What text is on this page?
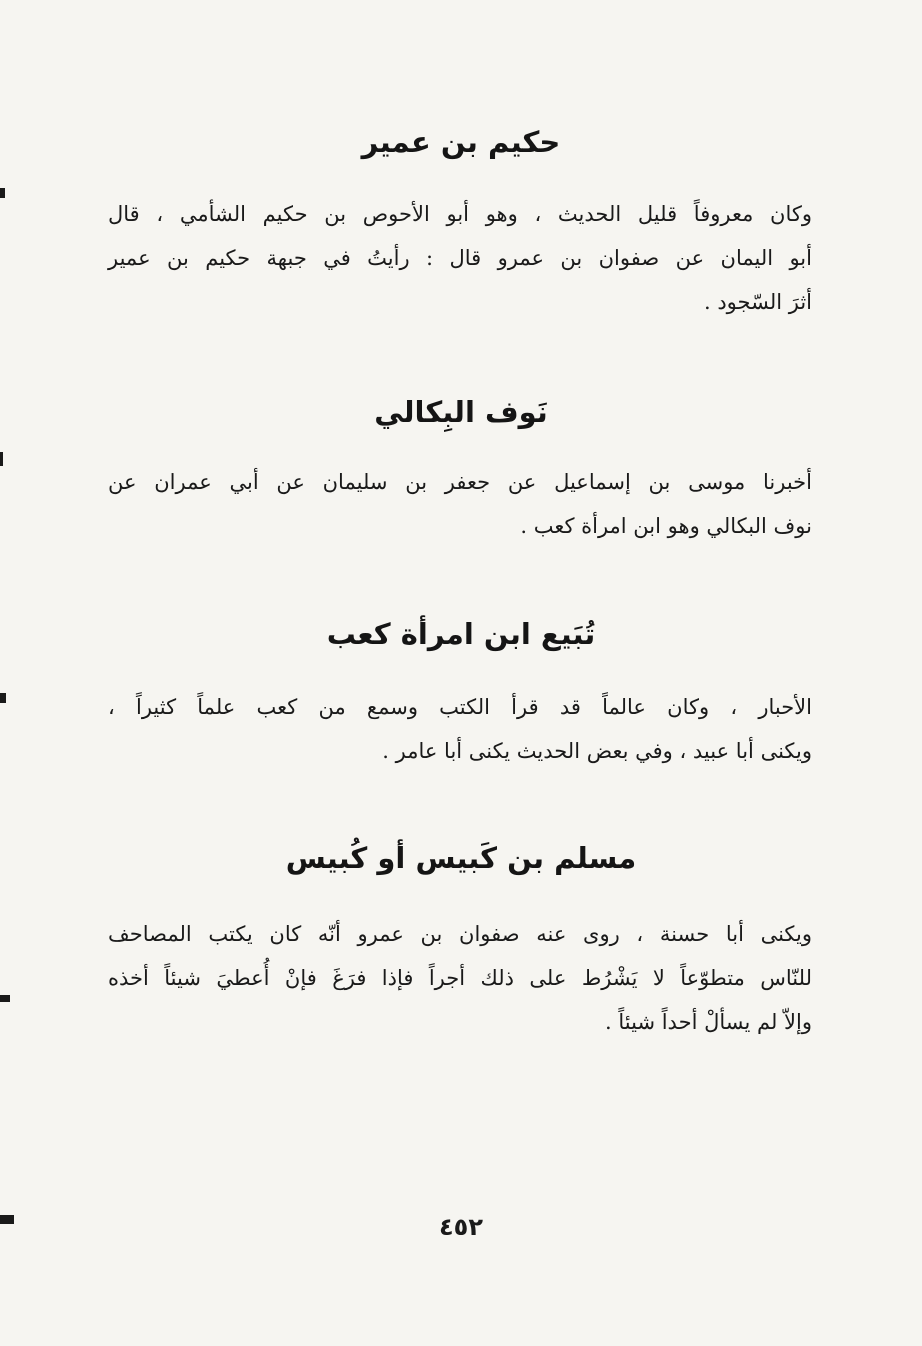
حكيم بن عمير

وكان معروفاً قليل الحديث ، وهو أبو الأحوص بن حكيم الشأمي ، قال
أبو اليمان عن صفوان بن عمرو قال : رأيتُ في جبهة حكيم بن عمير
أثرَ السّجود .

نَوف البِكالي

أخبرنا موسى بن إسماعيل عن جعفر بن سليمان عن أبي عمران عن
نوف البكالي وهو ابن امرأة كعب .

تُبَيع ابن امرأة كعب

الأحبار ، وكان عالماً قد قرأ الكتب وسمع من كعب علماً كثيراً ،
ويكنى أبا عبيد ، وفي بعض الحديث يكنى أبا عامر .

مسلم بن كَبيس أو كُبيس

ويكنى أبا حسنة ، روى عنه صفوان بن عمرو أنّه كان يكتب المصاحف
للنّاس متطوّعاً لا يَشْرُط على ذلك أجراً فإذا فرَغَ فإنْ أُعطيَ شيئاً أخذه
وإلاّ لم يسألْ أحداً شيئاً .

٤٥٢
